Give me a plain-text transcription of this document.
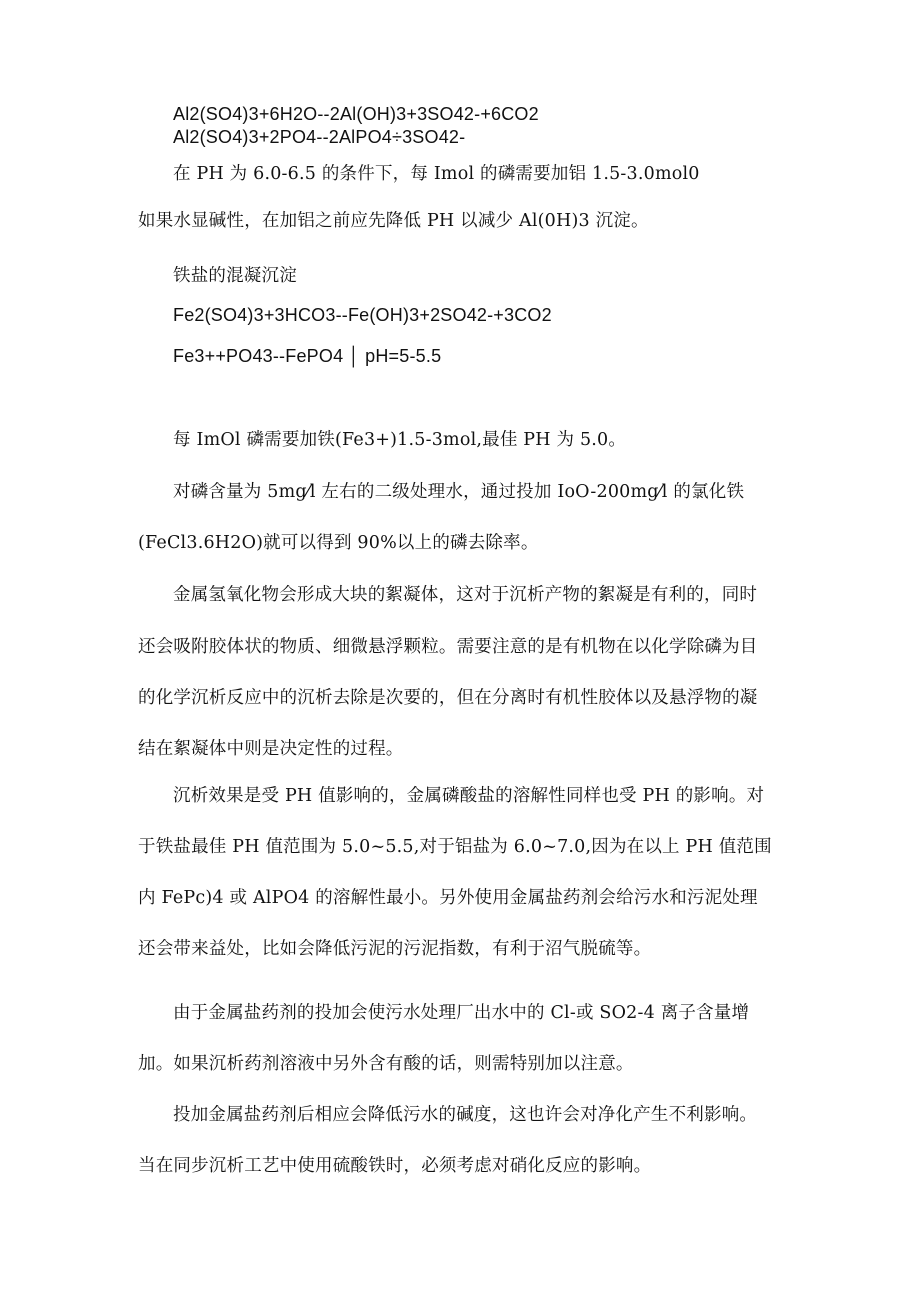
Al2(SO4)3+6H2O--2Al(OH)3+3SO42-+6CO2
Al2(SO4)3+2PO4--2AlPO4÷3SO42-
在 PH 为 6.0-6.5 的条件下，每 Imol 的磷需要加铝 1.5-3.0mol0
如果水显碱性，在加铝之前应先降低 PH 以减少 Al(0H)3 沉淀。
铁盐的混凝沉淀
Fe2(SO4)3+3HCO3--Fe(OH)3+2SO42-+3CO2
Fe3++PO43--FePO4 │ pH=5-5.5
每 ImOl 磷需要加铁(Fe3+)1.5-3mol,最佳 PH 为 5.0。
对磷含量为 5mg⁄l 左右的二级处理水，通过投加 IoO-200mg⁄l 的氯化铁
(FeCl3.6H2O)就可以得到 90%以上的磷去除率。
金属氢氧化物会形成大块的絮凝体，这对于沉析产物的絮凝是有利的，同时
还会吸附胶体状的物质、细微悬浮颗粒。需要注意的是有机物在以化学除磷为目
的化学沉析反应中的沉析去除是次要的，但在分离时有机性胶体以及悬浮物的凝
结在絮凝体中则是决定性的过程。
沉析效果是受 PH 值影响的，金属磷酸盐的溶解性同样也受 PH 的影响。对
于铁盐最佳 PH 值范围为 5.0~5.5,对于铝盐为 6.0~7.0,因为在以上 PH 值范围
内 FePc)4 或 AlPO4 的溶解性最小。另外使用金属盐药剂会给污水和污泥处理
还会带来益处，比如会降低污泥的污泥指数，有利于沼气脱硫等。
由于金属盐药剂的投加会使污水处理厂出水中的 Cl-或 SO2-4 离子含量增
加。如果沉析药剂溶液中另外含有酸的话，则需特别加以注意。
投加金属盐药剂后相应会降低污水的碱度，这也许会对净化产生不利影响。
当在同步沉析工艺中使用硫酸铁时，必须考虑对硝化反应的影响。
